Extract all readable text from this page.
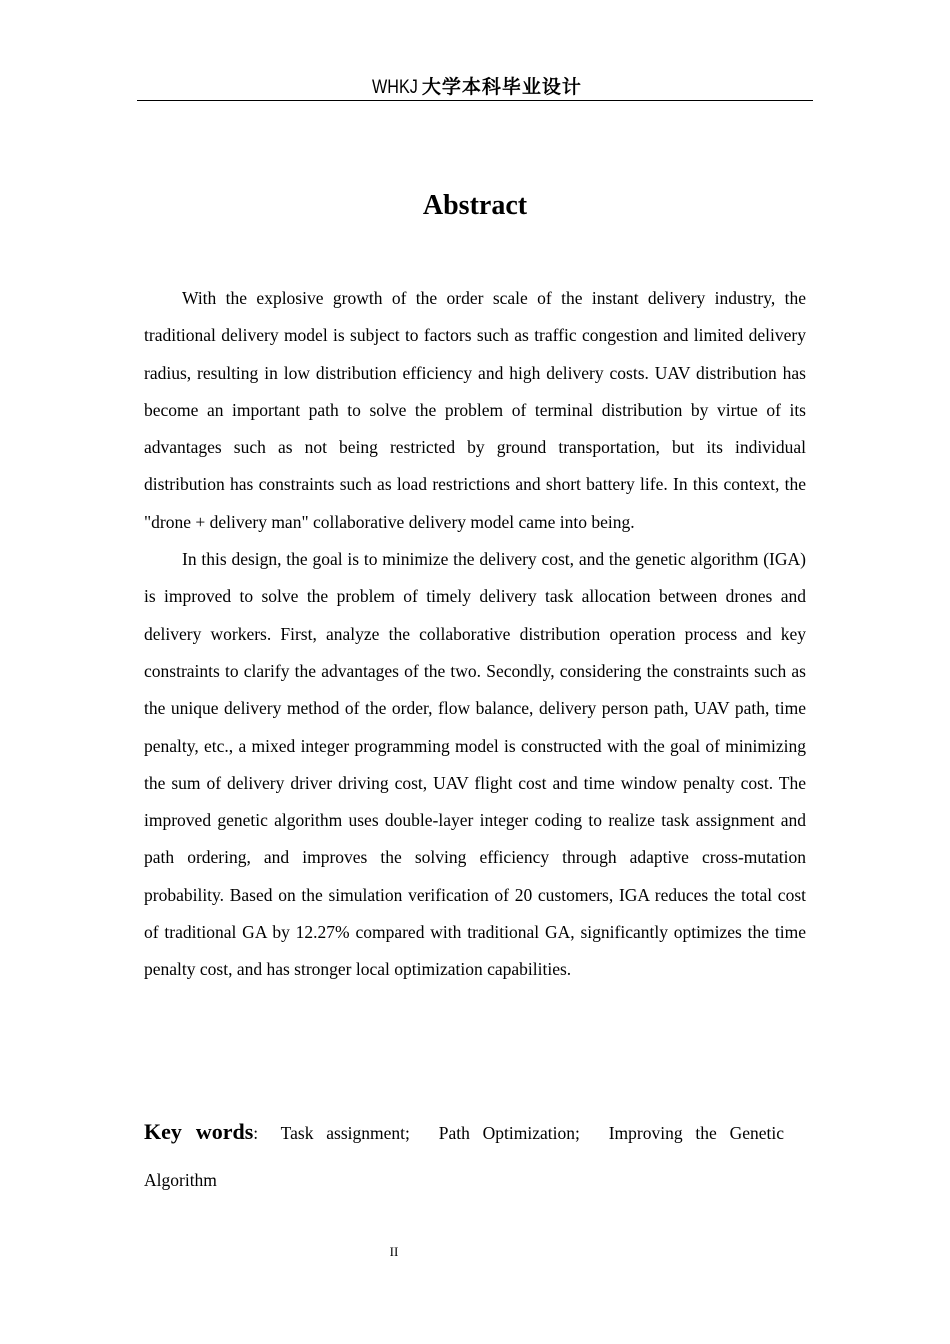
WHKJ 大学本科毕业设计
Abstract

With the explosive growth of the order scale of the instant delivery industry, the traditional delivery model is subject to factors such as traffic congestion and limited delivery radius, resulting in low distribution efficiency and high delivery costs. UAV distribution has become an important path to solve the problem of terminal distribution by virtue of its advantages such as not being restricted by ground transportation, but its individual distribution has constraints such as load restrictions and short battery life. In this context, the "drone + delivery man" collaborative delivery model came into being.

In this design, the goal is to minimize the delivery cost, and the genetic algorithm (IGA) is improved to solve the problem of timely delivery task allocation between drones and delivery workers. First, analyze the collaborative distribution operation process and key constraints to clarify the advantages of the two. Secondly, considering the constraints such as the unique delivery method of the order, flow balance, delivery person path, UAV path, time penalty, etc., a mixed integer programming model is constructed with the goal of minimizing the sum of delivery driver driving cost, UAV flight cost and time window penalty cost. The improved genetic algorithm uses double-layer integer coding to realize task assignment and path ordering, and improves the solving efficiency through adaptive cross-mutation probability. Based on the simulation verification of 20 customers, IGA reduces the total cost of traditional GA by 12.27% compared with traditional GA, significantly optimizes the time penalty cost, and has stronger local optimization capabilities.

Key words: Task assignment; Path Optimization; Improving the Genetic Algorithm
II
